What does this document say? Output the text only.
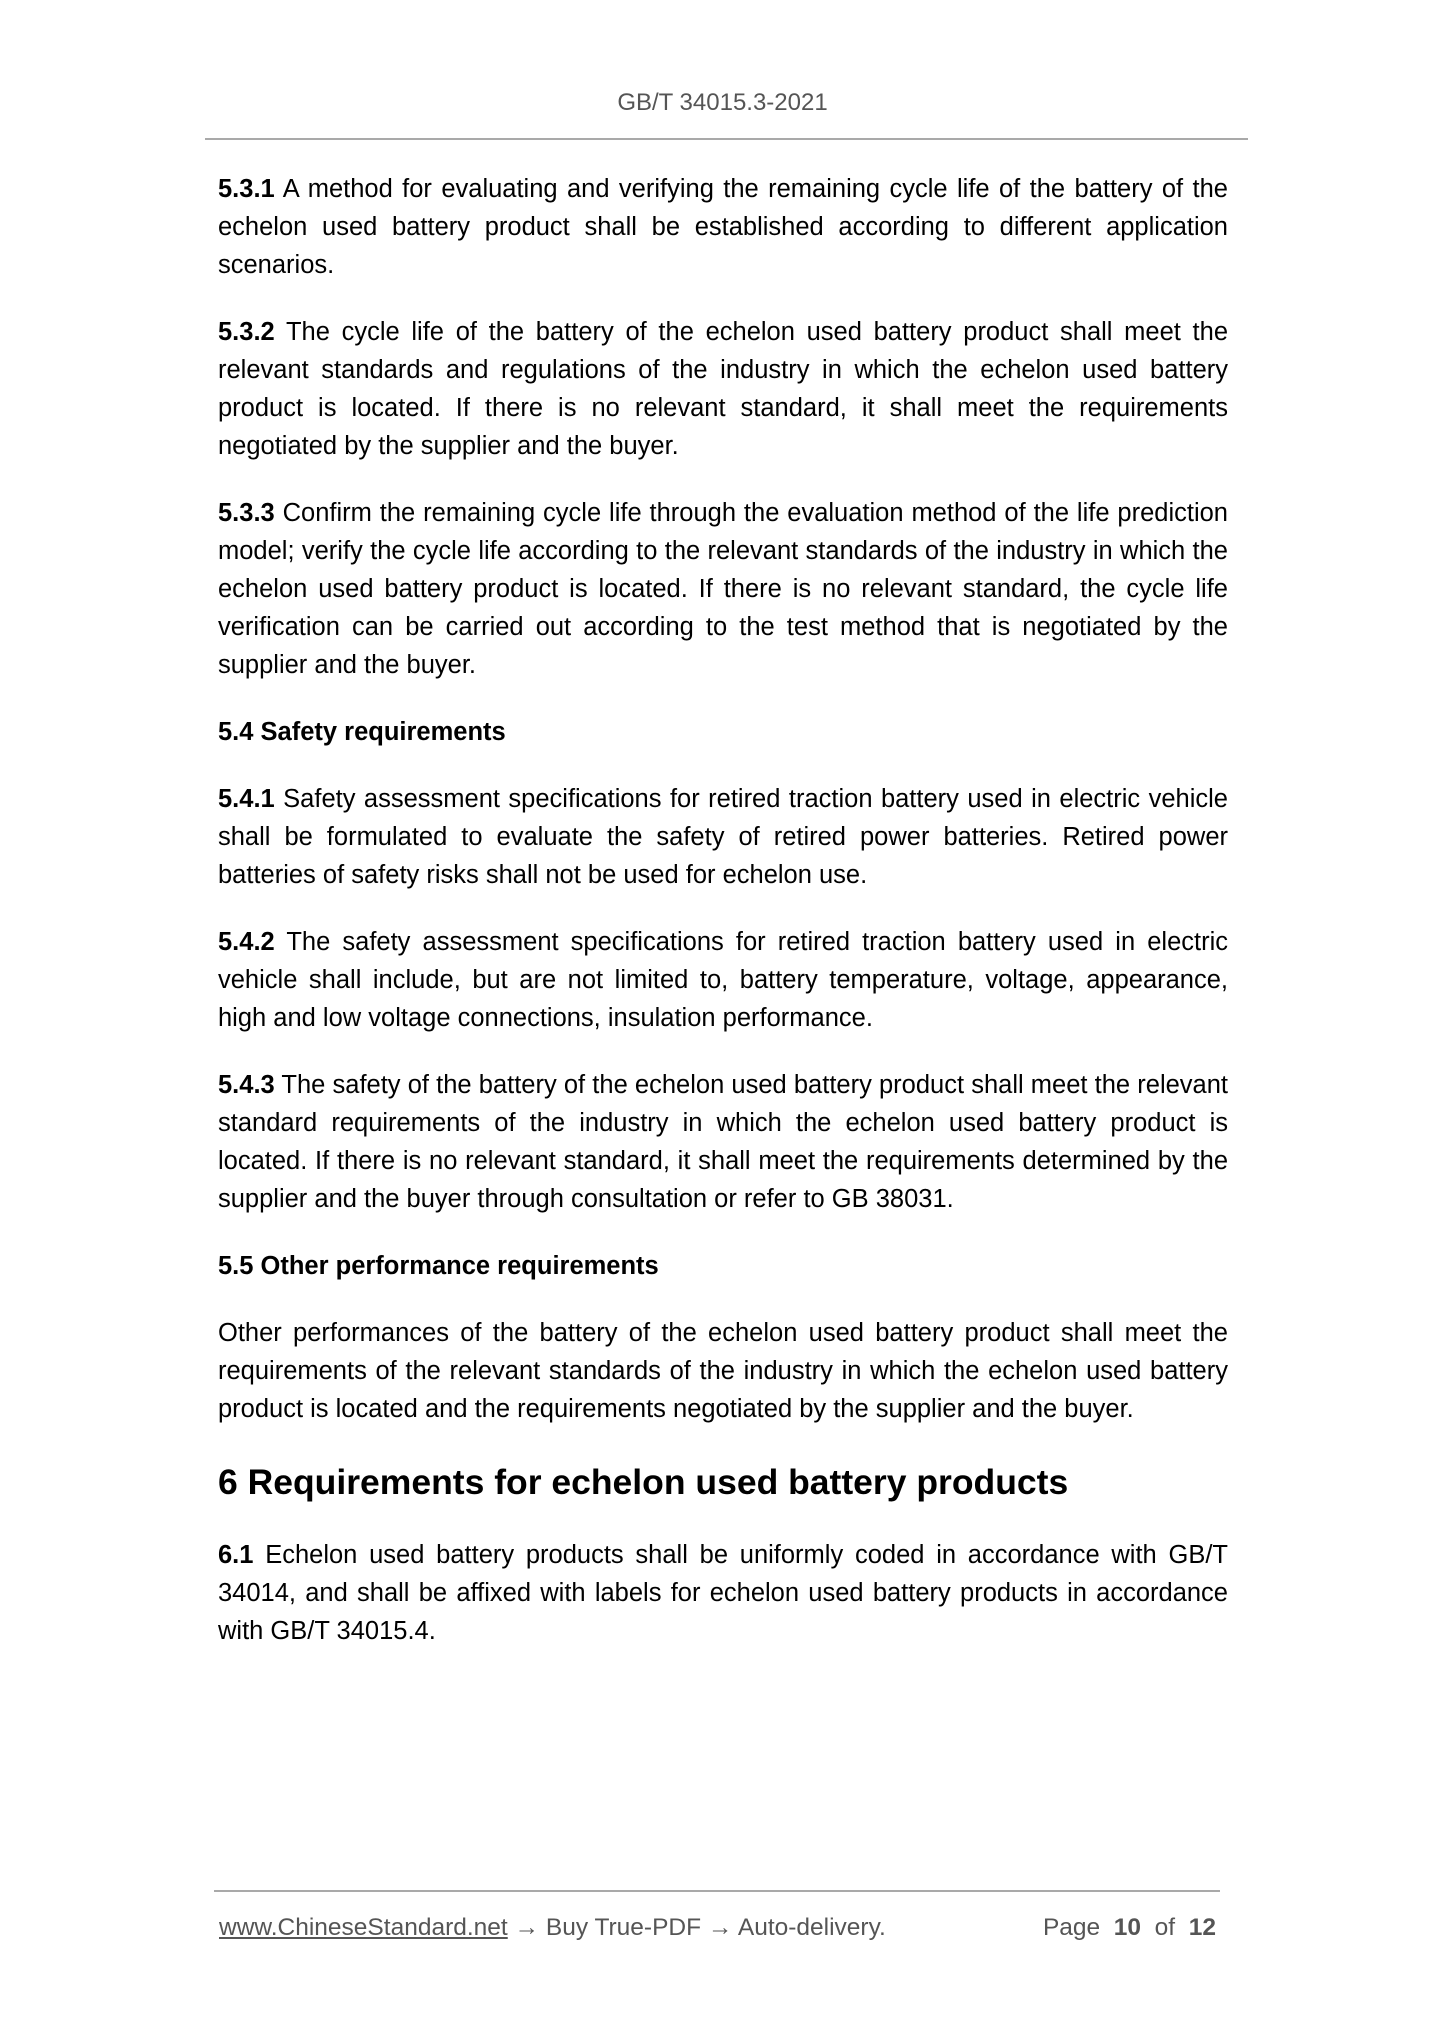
GB/T 34015.3-2021

5.3.1 A method for evaluating and verifying the remaining cycle life of the battery of the echelon used battery product shall be established according to different application scenarios.

5.3.2 The cycle life of the battery of the echelon used battery product shall meet the relevant standards and regulations of the industry in which the echelon used battery product is located. If there is no relevant standard, it shall meet the requirements negotiated by the supplier and the buyer.

5.3.3 Confirm the remaining cycle life through the evaluation method of the life prediction model; verify the cycle life according to the relevant standards of the industry in which the echelon used battery product is located. If there is no relevant standard, the cycle life verification can be carried out according to the test method that is negotiated by the supplier and the buyer.

5.4 Safety requirements

5.4.1 Safety assessment specifications for retired traction battery used in electric vehicle shall be formulated to evaluate the safety of retired power batteries. Retired power batteries of safety risks shall not be used for echelon use.

5.4.2 The safety assessment specifications for retired traction battery used in electric vehicle shall include, but are not limited to, battery temperature, voltage, appearance, high and low voltage connections, insulation performance.

5.4.3 The safety of the battery of the echelon used battery product shall meet the relevant standard requirements of the industry in which the echelon used battery product is located. If there is no relevant standard, it shall meet the requirements determined by the supplier and the buyer through consultation or refer to GB 38031.

5.5 Other performance requirements

Other performances of the battery of the echelon used battery product shall meet the requirements of the relevant standards of the industry in which the echelon used battery product is located and the requirements negotiated by the supplier and the buyer.

6 Requirements for echelon used battery products

6.1 Echelon used battery products shall be uniformly coded in accordance with GB/T 34014, and shall be affixed with labels for echelon used battery products in accordance with GB/T 34015.4.

www.ChineseStandard.net → Buy True-PDF → Auto-delivery.	Page 10 of 12
